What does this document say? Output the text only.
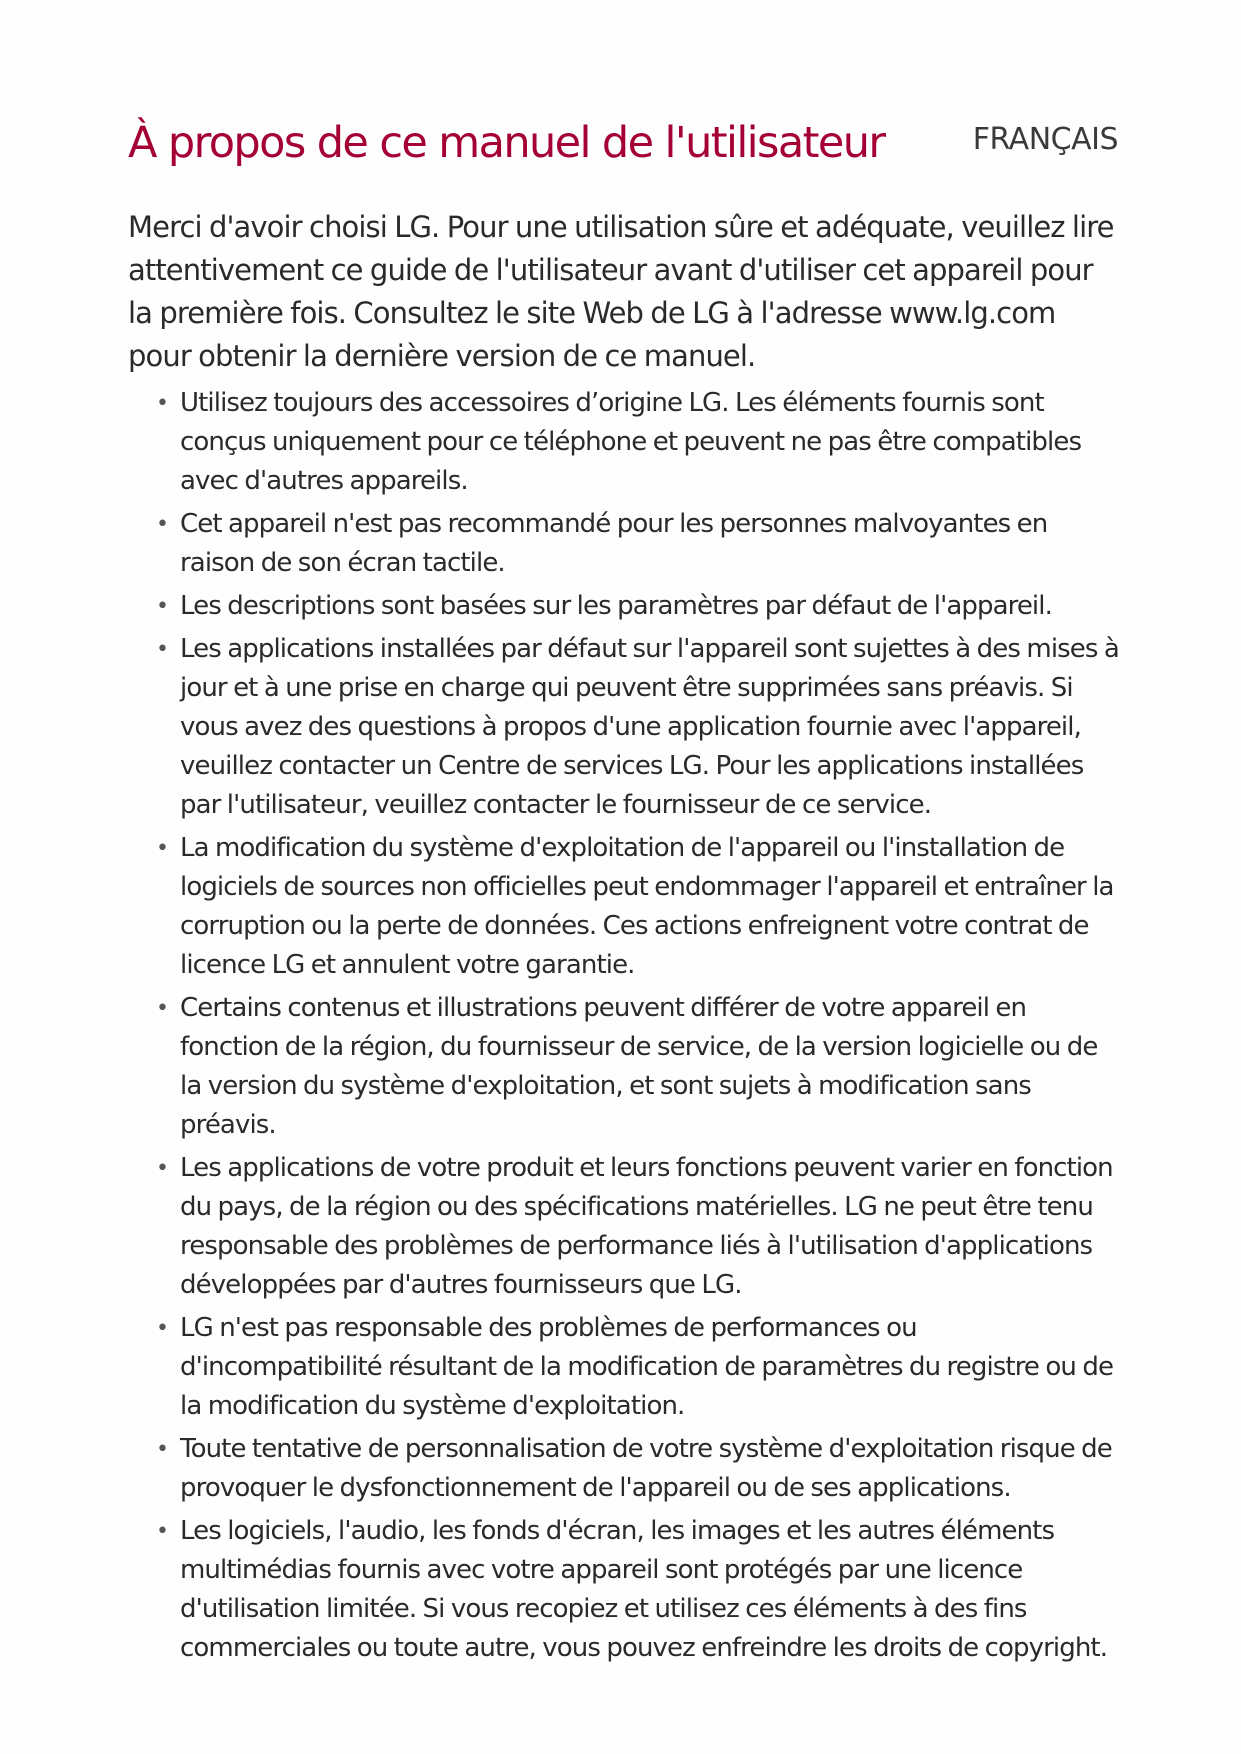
À propos de ce manuel de l'utilisateur	FRANÇAIS

Merci d'avoir choisi LG. Pour une utilisation sûre et adéquate, veuillez lire attentivement ce guide de l'utilisateur avant d'utiliser cet appareil pour la première fois. Consultez le site Web de LG à l'adresse www.lg.com pour obtenir la dernière version de ce manuel.

• Utilisez toujours des accessoires d’origine LG. Les éléments fournis sont conçus uniquement pour ce téléphone et peuvent ne pas être compatibles avec d'autres appareils.
• Cet appareil n'est pas recommandé pour les personnes malvoyantes en raison de son écran tactile.
• Les descriptions sont basées sur les paramètres par défaut de l'appareil.
• Les applications installées par défaut sur l'appareil sont sujettes à des mises à jour et à une prise en charge qui peuvent être supprimées sans préavis. Si vous avez des questions à propos d'une application fournie avec l'appareil, veuillez contacter un Centre de services LG. Pour les applications installées par l'utilisateur, veuillez contacter le fournisseur de ce service.
• La modification du système d'exploitation de l'appareil ou l'installation de logiciels de sources non officielles peut endommager l'appareil et entraîner la corruption ou la perte de données. Ces actions enfreignent votre contrat de licence LG et annulent votre garantie.
• Certains contenus et illustrations peuvent différer de votre appareil en fonction de la région, du fournisseur de service, de la version logicielle ou de la version du système d'exploitation, et sont sujets à modification sans préavis.
• Les applications de votre produit et leurs fonctions peuvent varier en fonction du pays, de la région ou des spécifications matérielles. LG ne peut être tenu responsable des problèmes de performance liés à l'utilisation d'applications développées par d'autres fournisseurs que LG.
• LG n'est pas responsable des problèmes de performances ou d'incompatibilité résultant de la modification de paramètres du registre ou de la modification du système d'exploitation.
• Toute tentative de personnalisation de votre système d'exploitation risque de provoquer le dysfonctionnement de l'appareil ou de ses applications.
• Les logiciels, l'audio, les fonds d'écran, les images et les autres éléments multimédias fournis avec votre appareil sont protégés par une licence d'utilisation limitée. Si vous recopiez et utilisez ces éléments à des fins commerciales ou toute autre, vous pouvez enfreindre les droits de copyright.
